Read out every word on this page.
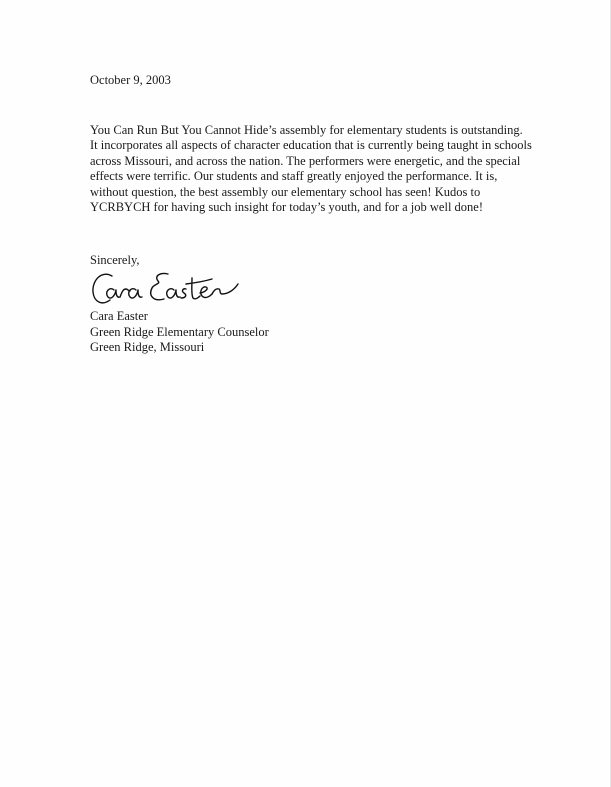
October 9, 2003
You Can Run But You Cannot Hide’s assembly for elementary students is outstanding.
It incorporates all aspects of character education that is currently being taught in schools
across Missouri, and across the nation. The performers were energetic, and the special
effects were terrific. Our students and staff greatly enjoyed the performance. It is,
without question, the best assembly our elementary school has seen! Kudos to
YCRBYCH for having such insight for today’s youth, and for a job well done!
Sincerely,
Cara Easter
Green Ridge Elementary Counselor
Green Ridge, Missouri
